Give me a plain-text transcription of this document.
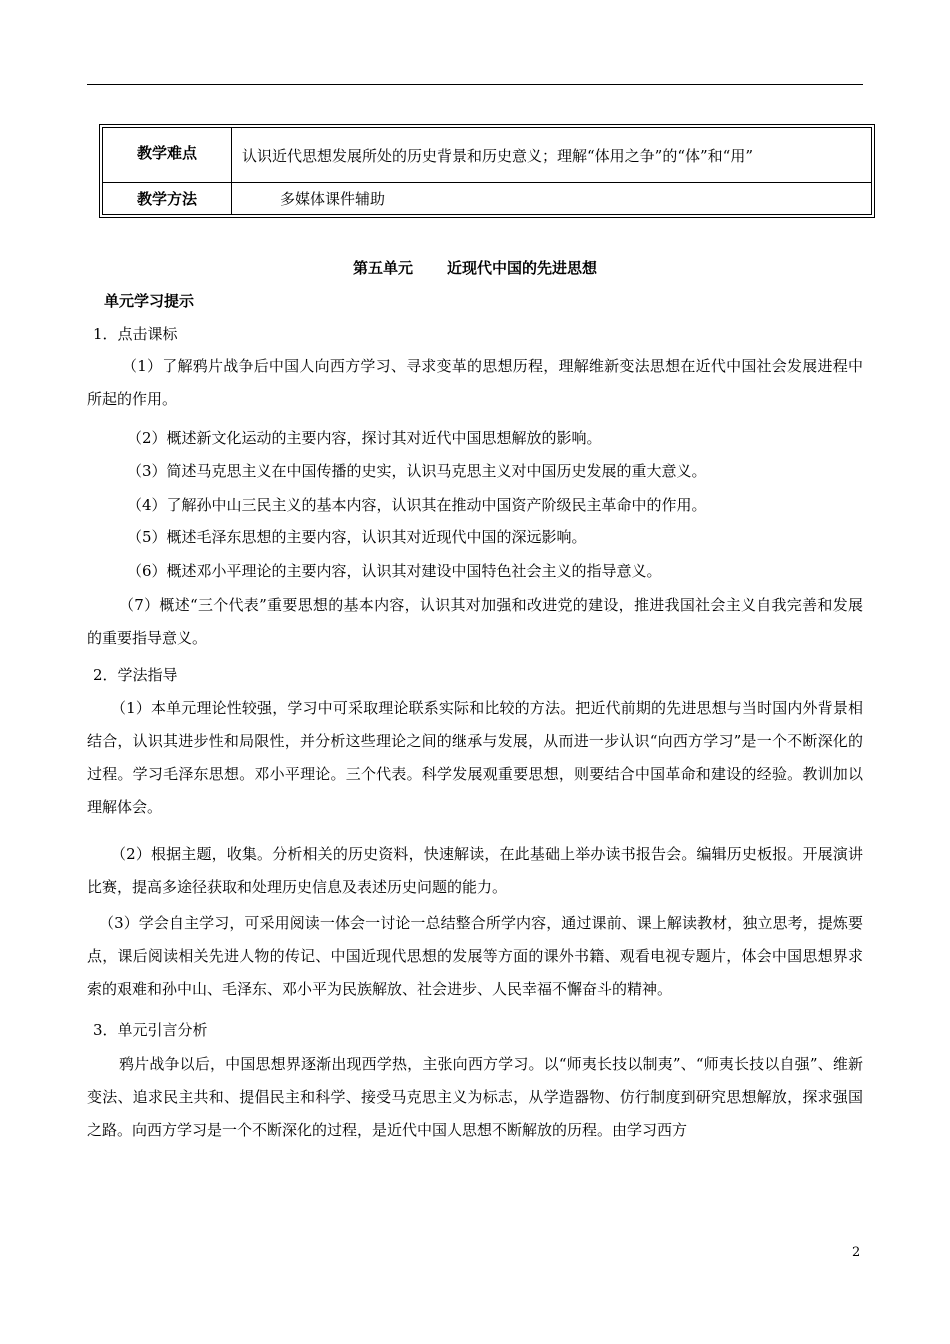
教学难点	认识近代思想发展所处的历史背景和历史意义；理解“体用之争”的“体”和“用”
教学方法	多媒体课件辅助
第五单元 近现代中国的先进思想
单元学习提示

1．点击课标

（1）了解鸦片战争后中国人向西方学习、寻求变革的思想历程，理解维新变法思想在近代中国社会发展进程中所起的作用。

（2）概述新文化运动的主要内容，探讨其对近代中国思想解放的影响。

（3）简述马克思主义在中国传播的史实，认识马克思主义对中国历史发展的重大意义。

（4）了解孙中山三民主义的基本内容，认识其在推动中国资产阶级民主革命中的作用。

（5）概述毛泽东思想的主要内容，认识其对近现代中国的深远影响。

（6）概述邓小平理论的主要内容，认识其对建设中国特色社会主义的指导意义。

（7）概述“三个代表”重要思想的基本内容，认识其对加强和改进党的建设，推进我国社会主义自我完善和发展的重要指导意义。

2．学法指导

（1）本单元理论性较强，学习中可采取理论联系实际和比较的方法。把近代前期的先进思想与当时国内外背景相结合，认识其进步性和局限性，并分析这些理论之间的继承与发展，从而进一步认识“向西方学习”是一个不断深化的过程。学习毛泽东思想。邓小平理论。三个代表。科学发展观重要思想，则要结合中国革命和建设的经验。教训加以理解体会。

（2）根据主题，收集。分析相关的历史资料，快速解读，在此基础上举办读书报告会。编辑历史板报。开展演讲比赛，提高多途径获取和处理历史信息及表述历史问题的能力。

（3）学会自主学习，可采用阅读一体会一讨论一总结整合所学内容，通过课前、课上解读教材，独立思考，提炼要点，课后阅读相关先进人物的传记、中国近现代思想的发展等方面的课外书籍、观看电视专题片，体会中国思想界求索的艰难和孙中山、毛泽东、邓小平为民族解放、社会进步、人民幸福不懈奋斗的精神。

3．单元引言分析

鸦片战争以后，中国思想界逐渐出现西学热，主张向西方学习。以“师夷长技以制夷”、“师夷长技以自强”、维新变法、追求民主共和、提倡民主和科学、接受马克思主义为标志，从学造器物、仿行制度到研究思想解放，探求强国之路。向西方学习是一个不断深化的过程，是近代中国人思想不断解放的历程。由学习西方

2
